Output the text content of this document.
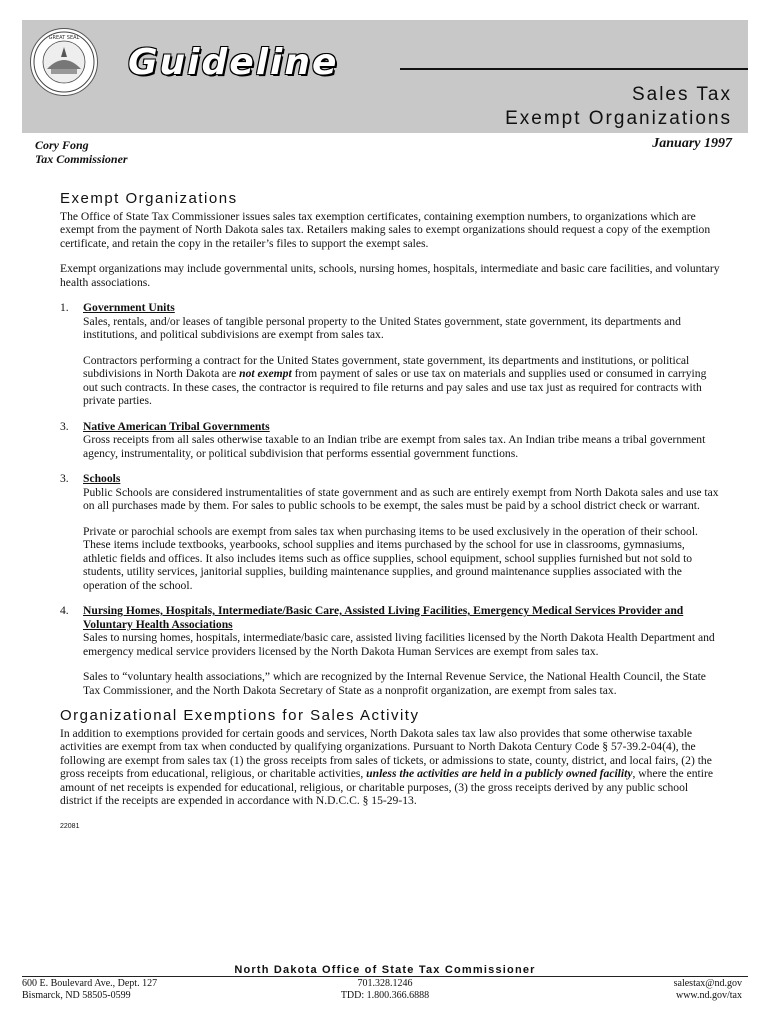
GREAT SEAL
Guideline
Sales Tax
Exempt Organizations
Cory Fong
Tax Commissioner
January 1997
Exempt Organizations

The Office of State Tax Commissioner issues sales tax exemption certificates, containing exemption numbers, to organizations which are exempt from the payment of North Dakota sales tax. Retailers making sales to exempt organizations should request a copy of the exemption certificate, and retain the copy in the retailer’s files to support the exempt sales.

Exempt organizations may include governmental units, schools, nursing homes, hospitals, intermediate and basic care facilities, and voluntary health associations.

1. Government Units

Sales, rentals, and/or leases of tangible personal property to the United States government, state government, its departments and institutions, and political subdivisions are exempt from sales tax.

Contractors performing a contract for the United States government, state government, its departments and institutions, or political subdivisions in North Dakota are not exempt from payment of sales or use tax on materials and supplies used or consumed in carrying out such contracts. In these cases, the contractor is required to file returns and pay sales and use tax just as required for contracts with private parties.

3. Native American Tribal Governments

Gross receipts from all sales otherwise taxable to an Indian tribe are exempt from sales tax. An Indian tribe means a tribal government agency, instrumentality, or political subdivision that performs essential government functions.

3. Schools

Public Schools are considered instrumentalities of state government and as such are entirely exempt from North Dakota sales and use tax on all purchases made by them. For sales to public schools to be exempt, the sales must be paid by a school district check or warrant.

Private or parochial schools are exempt from sales tax when purchasing items to be used exclusively in the operation of their school. These items include textbooks, yearbooks, school supplies and items purchased by the school for use in classrooms, gymnasiums, athletic fields and offices. It also includes items such as office supplies, school equipment, school supplies furnished but not sold to students, utility services, janitorial supplies, building maintenance supplies, and ground maintenance supplies associated with the operation of the school.

4. Nursing Homes, Hospitals, Intermediate/Basic Care, Assisted Living Facilities, Emergency Medical Services Provider and Voluntary Health Associations

Sales to nursing homes, hospitals, intermediate/basic care, assisted living facilities licensed by the North Dakota Health Department and emergency medical service providers licensed by the North Dakota Human Services are exempt from sales tax.

Sales to “voluntary health associations,” which are recognized by the Internal Revenue Service, the National Health Council, the State Tax Commissioner, and the North Dakota Secretary of State as a nonprofit organization, are exempt from sales tax.

Organizational Exemptions for Sales Activity

In addition to exemptions provided for certain goods and services, North Dakota sales tax law also provides that some otherwise taxable activities are exempt from tax when conducted by qualifying organizations. Pursuant to North Dakota Century Code § 57-39.2-04(4), the following are exempt from sales tax (1) the gross receipts from sales of tickets, or admissions to state, county, district, and local fairs, (2) the gross receipts from educational, religious, or charitable activities, unless the activities are held in a publicly owned facility, where the entire amount of net receipts is expended for educational, religious, or charitable purposes, (3) the gross receipts derived by any public school district if the receipts are expended in accordance with N.D.C.C. § 15-29-13.

22081
North Dakota Office of State Tax Commissioner
600 E. Boulevard Ave., Dept. 127
Bismarck, ND 58505-0599
701.328.1246
TDD: 1.800.366.6888
salestax@nd.gov
www.nd.gov/tax
